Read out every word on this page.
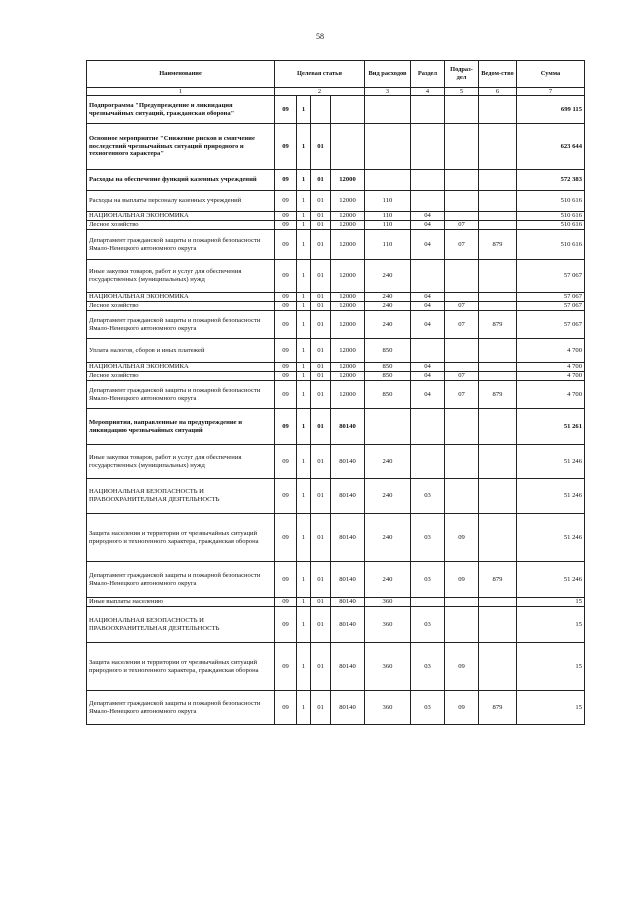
58
Наименование	Целевая статья				Вид расходов	Раздел	Подраз-дел	Ведом-ство	Сумма
1	2				3	4	5	6	7
Подпрограмма "Предупреждение и ликвидация чрезвычайных ситуаций, гражданская оборона"	09	1							699 115
Основное мероприятие "Снижение рисков и смягчение последствий чрезвычайных ситуаций природного и техногенного характера"	09	1	01						623 644
Расходы на обеспечение функций казенных учреждений	09	1	01	12000					572 383
Расходы на выплаты персоналу казенных учреждений	09	1	01	12000	110				510 616
НАЦИОНАЛЬНАЯ ЭКОНОМИКА	09	1	01	12000	110	04			510 616
Лесное хозяйство	09	1	01	12000	110	04	07		510 616
Департамент гражданской защиты и пожарной безопасности Ямало-Ненецкого автономного округа	09	1	01	12000	110	04	07	879	510 616
Иные закупки товаров, работ и услуг для обеспечения государственных (муниципальных) нужд	09	1	01	12000	240				57 067
НАЦИОНАЛЬНАЯ ЭКОНОМИКА	09	1	01	12000	240	04			57 067
Лесное хозяйство	09	1	01	12000	240	04	07		57 067
Департамент гражданской защиты и пожарной безопасности Ямало-Ненецкого автономного округа	09	1	01	12000	240	04	07	879	57 067
Уплата налогов, сборов и иных платежей	09	1	01	12000	850				4 700
НАЦИОНАЛЬНАЯ ЭКОНОМИКА	09	1	01	12000	850	04			4 700
Лесное хозяйство	09	1	01	12000	850	04	07		4 700
Департамент гражданской защиты и пожарной безопасности Ямало-Ненецкого автономного округа	09	1	01	12000	850	04	07	879	4 700
Мероприятия, направленные на предупреждение и ликвидацию чрезвычайных ситуаций	09	1	01	80140					51 261
Иные закупки товаров, работ и услуг для обеспечения государственных (муниципальных) нужд	09	1	01	80140	240				51 246
НАЦИОНАЛЬНАЯ БЕЗОПАСНОСТЬ И ПРАВООХРАНИТЕЛЬНАЯ ДЕЯТЕЛЬНОСТЬ	09	1	01	80140	240	03			51 246
Защита населения и территории от чрезвычайных ситуаций природного и техногенного характера, гражданская оборона	09	1	01	80140	240	03	09		51 246
Департамент гражданской защиты и пожарной безопасности Ямало-Ненецкого автономного округа	09	1	01	80140	240	03	09	879	51 246
Иные выплаты населению	09	1	01	80140	360				15
НАЦИОНАЛЬНАЯ БЕЗОПАСНОСТЬ И ПРАВООХРАНИТЕЛЬНАЯ ДЕЯТЕЛЬНОСТЬ	09	1	01	80140	360	03			15
Защита населения и территории от чрезвычайных ситуаций природного и техногенного характера, гражданская оборона	09	1	01	80140	360	03	09		15
Департамент гражданской защиты и пожарной безопасности Ямало-Ненецкого автономного округа	09	1	01	80140	360	03	09	879	15
